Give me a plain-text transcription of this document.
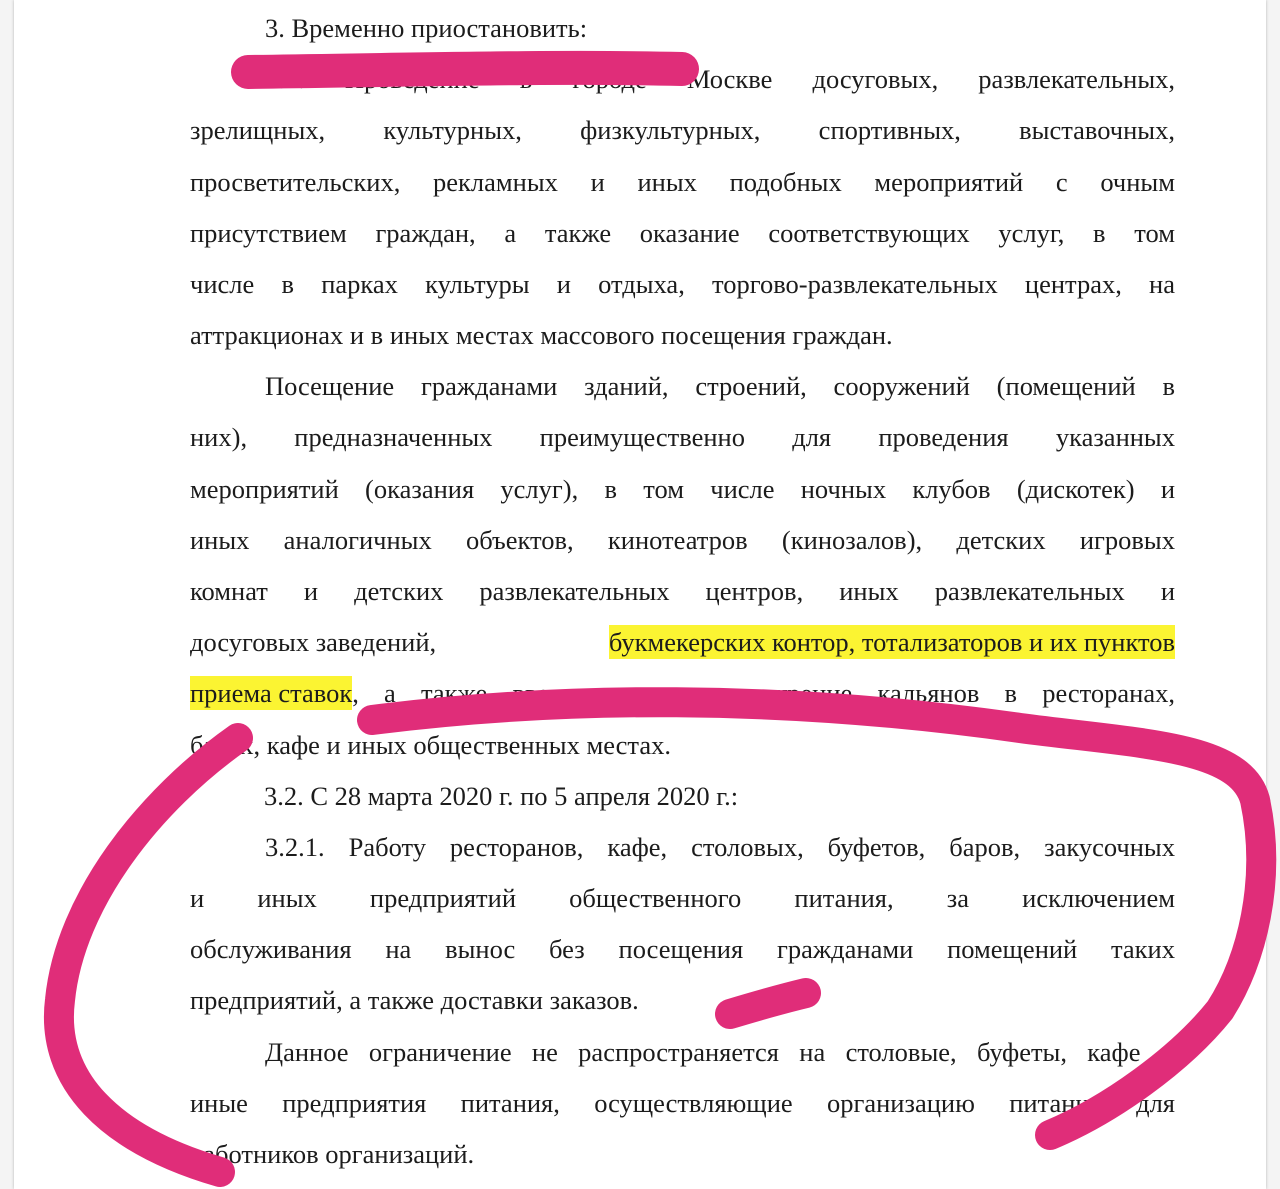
3. Временно приостановить:
3.1. Проведение в городе Москве досуговых, развлекательных,
зрелищных, культурных, физкультурных, спортивных, выставочных,
просветительских, рекламных и иных подобных мероприятий с очным
присутствием граждан, а также оказание соответствующих услуг, в том
числе в парках культуры и отдыха, торгово-развлекательных центрах, на
аттракционах и в иных местах массового посещения граждан.
Посещение гражданами зданий, строений, сооружений (помещений в
них), предназначенных преимущественно для проведения указанных
мероприятий (оказания услуг), в том числе ночных клубов (дискотек) и
иных аналогичных объектов, кинотеатров (кинозалов), детских игровых
комнат и детских развлекательных центров, иных развлекательных и
досуговых заведений,	букмекерских контор, тотализаторов и их пунктов
приема ставок , а также ввести запрет на курение кальянов в ресторанах,
барах, кафе и иных общественных местах.
3.2. С 28 марта 2020 г. по 5 апреля 2020 г.:
3.2.1. Работу ресторанов, кафе, столовых, буфетов, баров, закусочных
и иных предприятий общественного питания, за исключением
обслуживания на вынос без посещения гражданами помещений таких
предприятий, а также доставки заказов.
Данное ограничение не распространяется на столовые, буфеты, кафе и
иные предприятия питания, осуществляющие организацию питания для
работников организаций.
